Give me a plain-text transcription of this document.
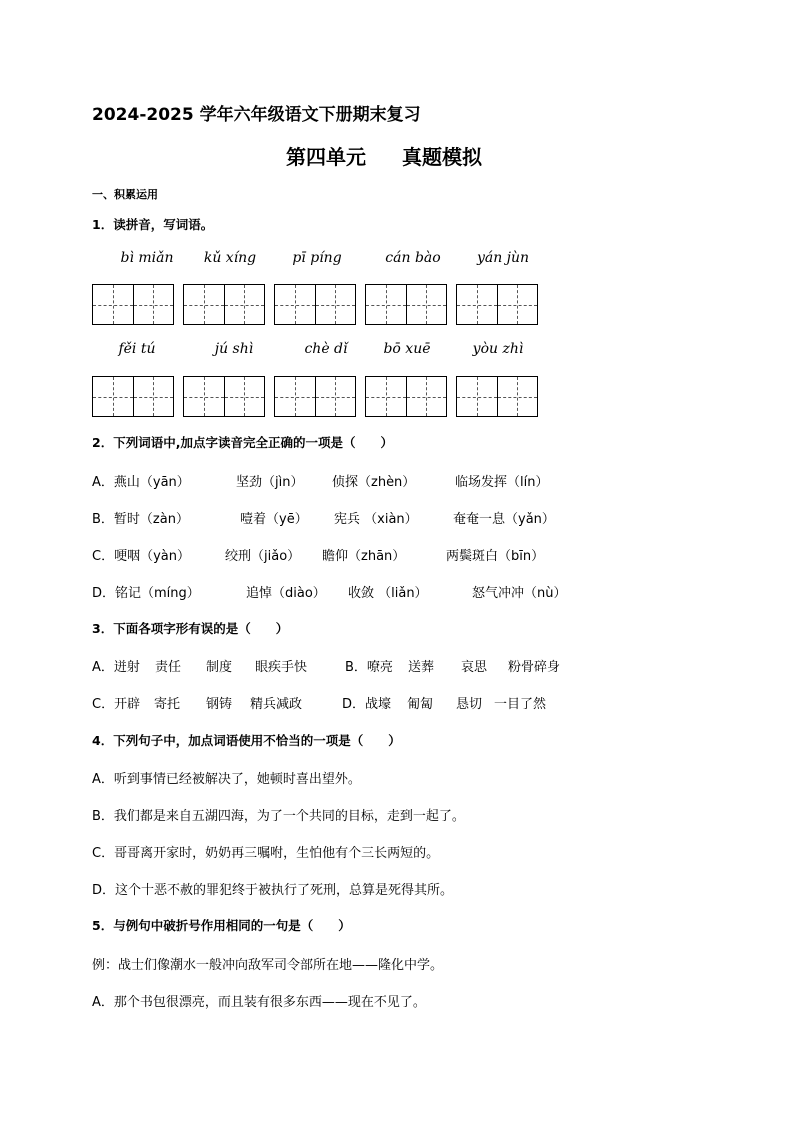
2024-2025 学年六年级语文下册期末复习
第四单元 真题模拟
一、积累运用
1．读拼音，写词语。
bì miǎn	kǔ xíng	pī píng	cán bào	yán jùn
fěi tú	jú shì	chè dǐ	bō xuē	yòu zhì
2．下列词语中,加点字读音完全正确的一项是（　　）
A．燕山（yān）	坚劲（jìn） 侦探（zhèn）	临场发挥（lín）
B．暂时（zàn）	噎着（yē） 宪兵 （xiàn）	奄奄一息（yǎn）
C．哽咽（yàn）	绞刑（jiǎo） 瞻仰（zhān）	两鬓斑白（bīn）
D．铭记（míng）	追悼（diào） 收敛 （liǎn）	怒气冲冲（nù）
3．下面各项字形有误的是（　　）
A．迸射 责任 制度 眼疾手快	B．嘹亮 送葬 哀思 粉骨碎身
C．开辟 寄托 钢铸 精兵减政	D．战壕 匍匐 恳切 一目了然
4．下列句子中，加点词语使用不恰当的一项是（　　）
A．听到事情已经被解决了，她顿时喜出望外。
B．我们都是来自五湖四海，为了一个共同的目标，走到一起了。
C．哥哥离开家时，奶奶再三嘱咐，生怕他有个三长两短的。
D．这个十恶不赦的罪犯终于被执行了死刑，总算是死得其所。
5．与例句中破折号作用相同的一句是（　　）
例：战士们像潮水一般冲向敌军司令部所在地——隆化中学。
A．那个书包很漂亮，而且装有很多东西——现在不见了。
